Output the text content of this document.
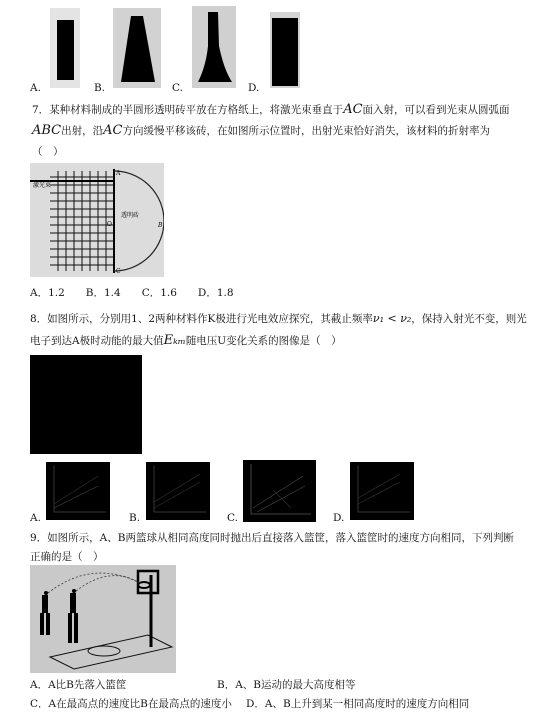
A.	B.	C.	D.
7．某种材料制成的半圆形透明砖平放在方格纸上，将激光束垂直于AC面入射，可以看到光束从圆弧面
ABC出射，沿AC方向缓慢平移该砖，在如图所示位置时，出射光束恰好消失，该材料的折射率为
（　）
激光束
透明砖
A
O	B
C
A．1.2　　B．1.4　　C．1.6　　D．1.8
8．如图所示，分别用1、2两种材料作K极进行光电效应探究，其截止频率ν₁ < ν₂，保持入射光不变，则光
电子到达A极时动能的最大值Eₖₘ随电压U变化关系的图像是（　）
A.	B.	C.	D.
9．如图所示，A、B两篮球从相同高度同时抛出后直接落入篮筐，落入篮筐时的速度方向相同，下列判断
正确的是（　）
A．A比B先落入篮筐	B．A、B运动的最大高度相等
C．A在最高点的速度比B在最高点的速度小 D．A、B上升到某一相同高度时的速度方向相同
